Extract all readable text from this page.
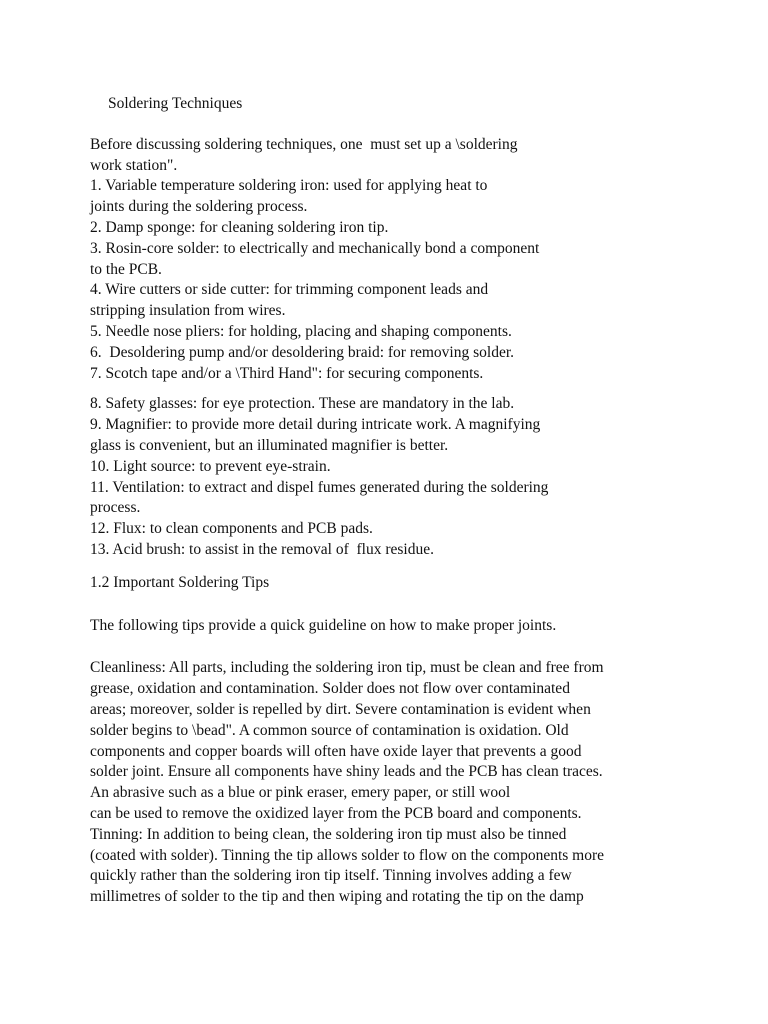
Soldering Techniques
Before discussing soldering techniques, one  must set up a \soldering
work station".
1. Variable temperature soldering iron: used for applying heat to
joints during the soldering process.
2. Damp sponge: for cleaning soldering iron tip.
3. Rosin-core solder: to electrically and mechanically bond a component
to the PCB.
4. Wire cutters or side cutter: for trimming component leads and
stripping insulation from wires.
5. Needle nose pliers: for holding, placing and shaping components.
6.  Desoldering pump and/or desoldering braid: for removing solder.
7. Scotch tape and/or a \Third Hand": for securing components.
8. Safety glasses: for eye protection. These are mandatory in the lab.
9. Magnifier: to provide more detail during intricate work. A magnifying
glass is convenient, but an illuminated magnifier is better.
10. Light source: to prevent eye-strain.
11. Ventilation: to extract and dispel fumes generated during the soldering
process.
12. Flux: to clean components and PCB pads.
13. Acid brush: to assist in the removal of  flux residue.
1.2 Important Soldering Tips
The following tips provide a quick guideline on how to make proper joints.
Cleanliness: All parts, including the soldering iron tip, must be clean and free from
grease, oxidation and contamination. Solder does not flow over contaminated
areas; moreover, solder is repelled by dirt. Severe contamination is evident when
solder begins to \bead". A common source of contamination is oxidation. Old
components and copper boards will often have oxide layer that prevents a good
solder joint. Ensure all components have shiny leads and the PCB has clean traces.
An abrasive such as a blue or pink eraser, emery paper, or still wool
can be used to remove the oxidized layer from the PCB board and components.
Tinning: In addition to being clean, the soldering iron tip must also be tinned
(coated with solder). Tinning the tip allows solder to flow on the components more
quickly rather than the soldering iron tip itself. Tinning involves adding a few
millimetres of solder to the tip and then wiping and rotating the tip on the damp
